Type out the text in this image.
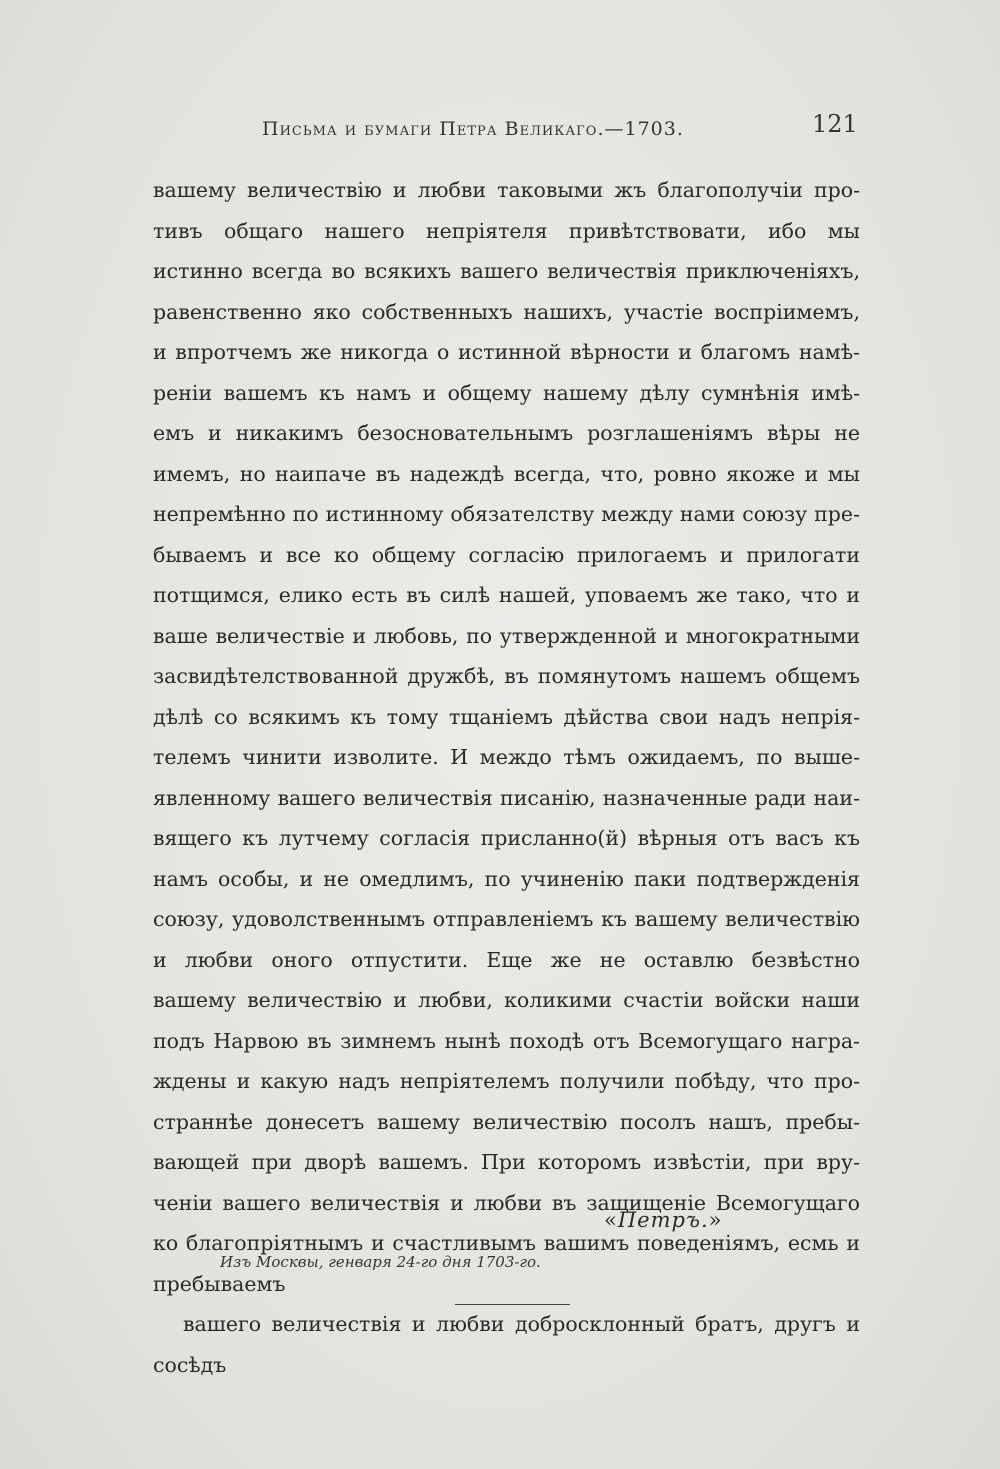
Письма и бумаги Петра Великаго.—1703.	121
вашему величествію и любви таковыми жъ благополучіи про-
тивъ общаго нашего непріятеля привѣтствовати, ибо мы
истинно всегда во всякихъ вашего величествія приключеніяхъ,
равенственно яко собственныхъ нашихъ, участіе воспріимемъ,
и впротчемъ же никогда о истинной вѣрности и благомъ намѣ-
реніи вашемъ къ намъ и общему нашему дѣлу сумнѣнія имѣ-
емъ и никакимъ безосновательнымъ розглашеніямъ вѣры не
имемъ, но наипаче въ надеждѣ всегда, что, ровно якоже и мы
непремѣнно по истинному обязателству между нами союзу пре-
бываемъ и все ко общему согласію прилогаемъ и прилогати
потщимся, елико есть въ силѣ нашей, уповаемъ же тако, что и
ваше величествіе и любовь, по утвержденной и многократными
засвидѣтелствованной дружбѣ, въ помянутомъ нашемъ общемъ
дѣлѣ со всякимъ къ тому тщаніемъ дѣйства свои надъ непрія-
телемъ чинити изволите. И междо тѣмъ ожидаемъ, по выше-
явленному вашего величествія писанію, назначенные ради наи-
вящего къ лутчему согласія присланно(й) вѣрныя отъ васъ къ
намъ особы, и не омедлимъ, по учиненію паки подтвержденія
союзу, удоволственнымъ отправленіемъ къ вашему величествію
и любви оного отпустити. Еще же не оставлю безвѣстно
вашему величествію и любви, коликими счастіи войски наши
подъ Нарвою въ зимнемъ нынѣ походѣ отъ Всемогущаго награ-
ждены и какую надъ непріятелемъ получили побѣду, что про-
страннѣе донесетъ вашему величествію посолъ нашъ, пребы-
вающей при дворѣ вашемъ. При которомъ извѣстіи, при вру-
ченіи вашего величествія и любви въ защищеніе Всемогущаго
ко благопріятнымъ и счастливымъ вашимъ поведеніямъ, есмь и
пребываемъ
вашего величествія и любви добросклонный братъ, другъ и
сосѣдъ
«Петръ.»
Изъ Москвы, генваря 24-го дня 1703-го.
